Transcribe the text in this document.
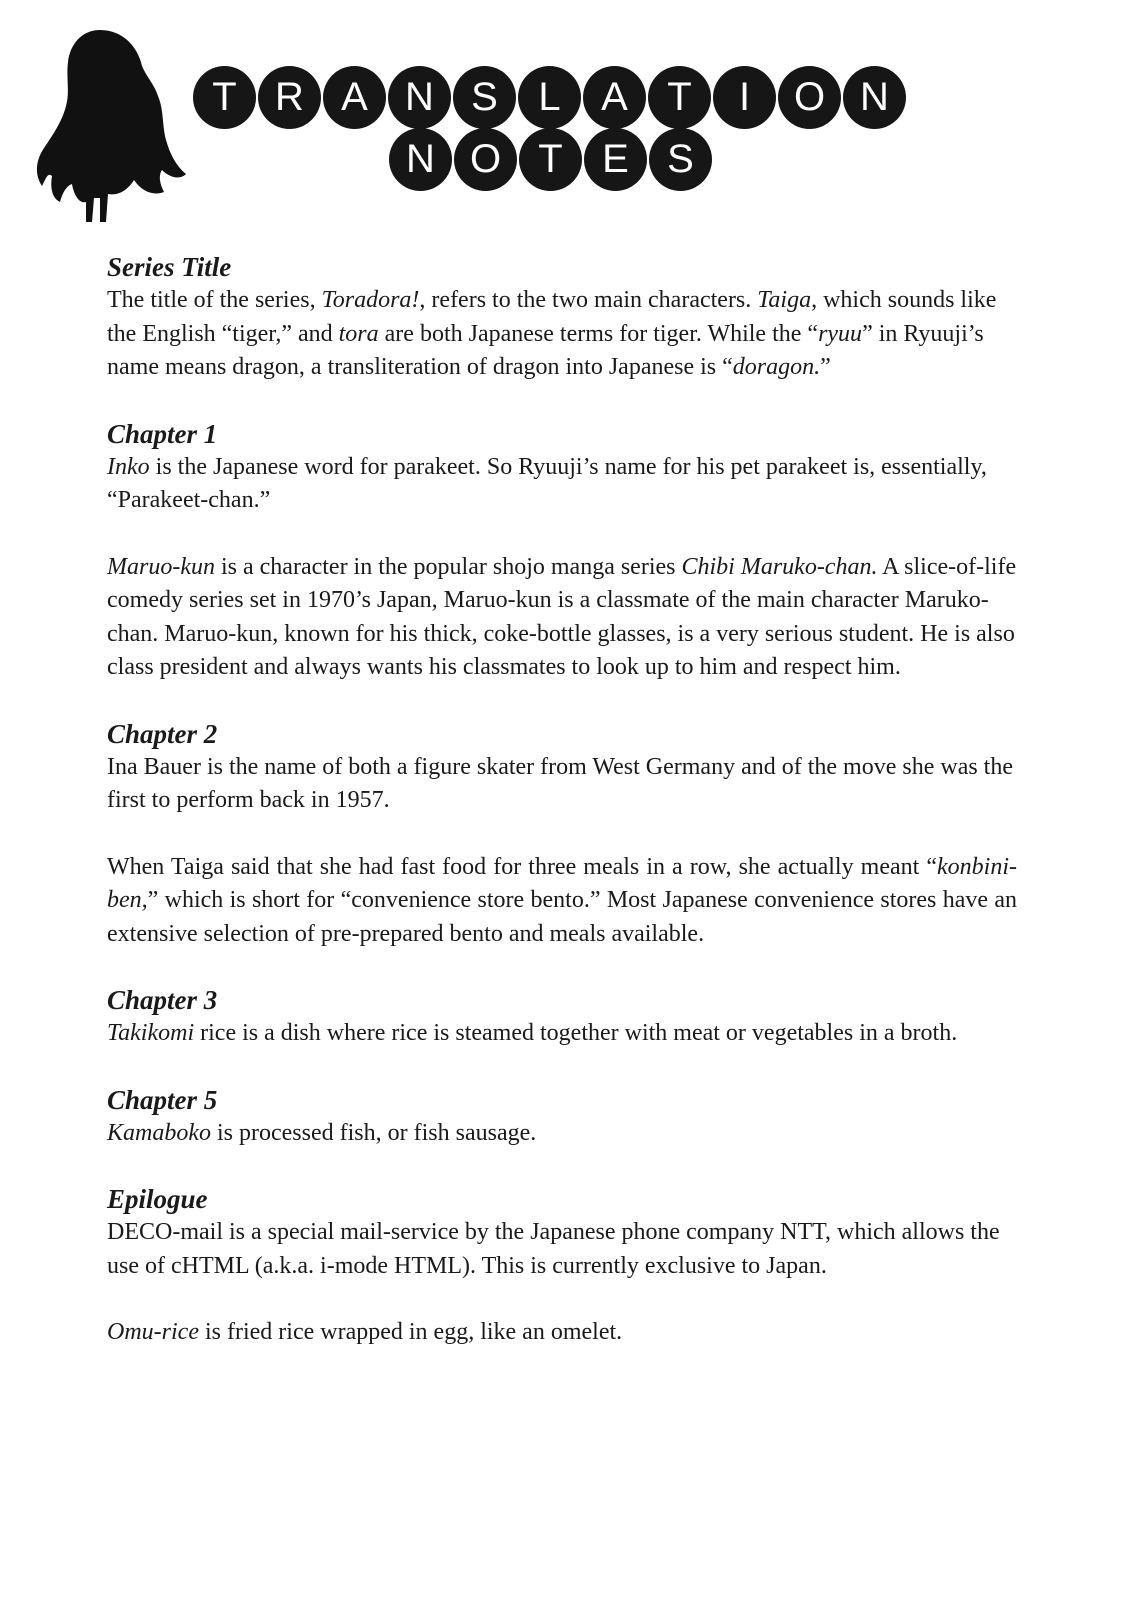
T R A N S	L	A T	I	O N
N O T E S
Series Title

The title of the series, Toradora!, refers to the two main characters. Taiga, which sounds like the English “tiger,” and tora are both Japanese terms for tiger. While the “ryuu” in Ryuuji’s name means dragon, a transliteration of dragon into Japanese is “doragon.”

Chapter 1

Inko is the Japanese word for parakeet. So Ryuuji’s name for his pet parakeet is, essentially, “Parakeet-chan.”

Maruo-kun is a character in the popular shojo manga series Chibi Maruko-chan. A slice-of-life comedy series set in 1970’s Japan, Maruo-kun is a classmate of the main character Maruko-chan. Maruo-kun, known for his thick, coke-bottle glasses, is a very serious student. He is also class president and always wants his classmates to look up to him and respect him.

Chapter 2

Ina Bauer is the name of both a figure skater from West Germany and of the move she was the first to perform back in 1957.

When Taiga said that she had fast food for three meals in a row, she actually meant “konbini-ben,” which is short for “convenience store bento.” Most Japanese convenience stores have an extensive selection of pre-prepared bento and meals available.

Chapter 3

Takikomi rice is a dish where rice is steamed together with meat or vegetables in a broth.

Chapter 5

Kamaboko is processed fish, or fish sausage.

Epilogue

DECO-mail is a special mail-service by the Japanese phone company NTT, which allows the use of cHTML (a.k.a. i-mode HTML). This is currently exclusive to Japan.

Omu-rice is fried rice wrapped in egg, like an omelet.
